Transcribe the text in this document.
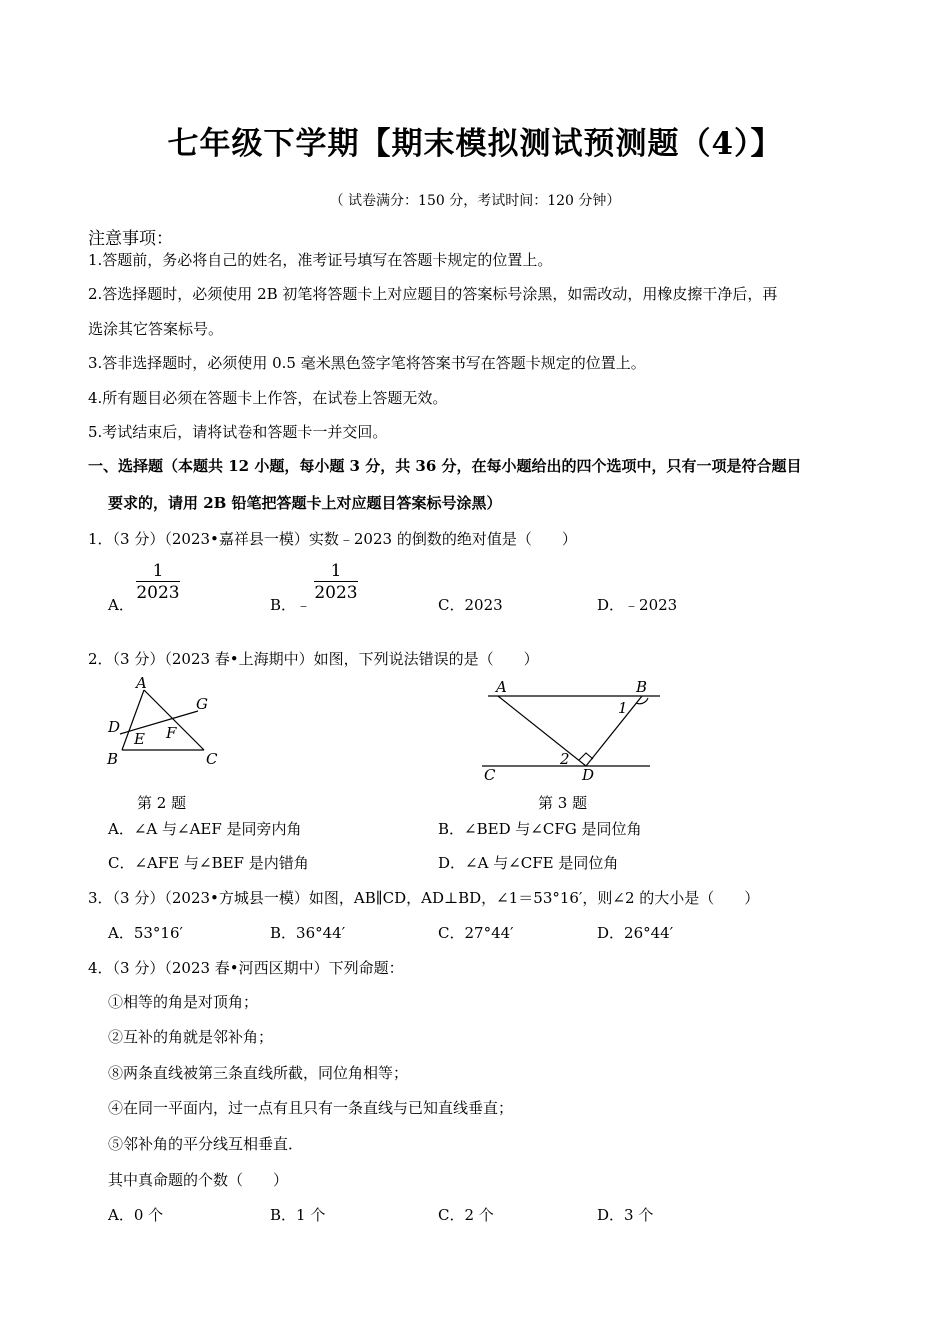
七年级下学期【期末模拟测试预测题（4）】
（ 试卷满分：150 分，考试时间：120 分钟）
注意事项：
1.答题前，务必将自己的姓名，准考证号填写在答题卡规定的位置上。
2.答选择题时，必须使用 2B 初笔将答题卡上对应题目的答案标号涂黑，如需改动，用橡皮擦干净后，再
选涂其它答案标号。
3.答非选择题时，必须使用 0.5 毫米黑色签字笔将答案书写在答题卡规定的位置上。
4.所有题目必须在答题卡上作答，在试卷上答题无效。
5.考试结束后，请将试卷和答题卡一并交回。
一、选择题（本题共 12 小题，每小题 3 分，共 36 分，在每小题给出的四个选项中，只有一项是符合题目
要求的，请用 2B 铅笔把答题卡上对应题目答案标号涂黑）
1．（3 分）（2023•嘉祥县一模）实数﹣2023 的倒数的绝对值是（　　）
A．
1
2023
B．﹣
1
2023
C．2023	D．﹣2023
2．（3 分）（2023 春•上海期中）如图，下列说法错误的是（　　）
A
G
D
E F
B	C
第 2 题
A	B
1
2
C	D
第 3 题
A．∠A 与∠AEF 是同旁内角	B．∠BED 与∠CFG 是同位角
C．∠AFE 与∠BEF 是内错角	D．∠A 与∠CFE 是同位角
3．（3 分）（2023•方城县一模）如图，AB∥CD，AD⊥BD，∠1＝53°16′，则∠2 的大小是（　　）
A．53°16′	B．36°44′	C．27°44′	D．26°44′
4．（3 分）（2023 春•河西区期中）下列命题：
①相等的角是对顶角；
②互补的角就是邻补角；
⑧两条直线被第三条直线所截，同位角相等；
④在同一平面内，过一点有且只有一条直线与已知直线垂直；
⑤邻补角的平分线互相垂直．
其中真命题的个数（　　）
A．0 个	B．1 个	C．2 个	D．3 个
